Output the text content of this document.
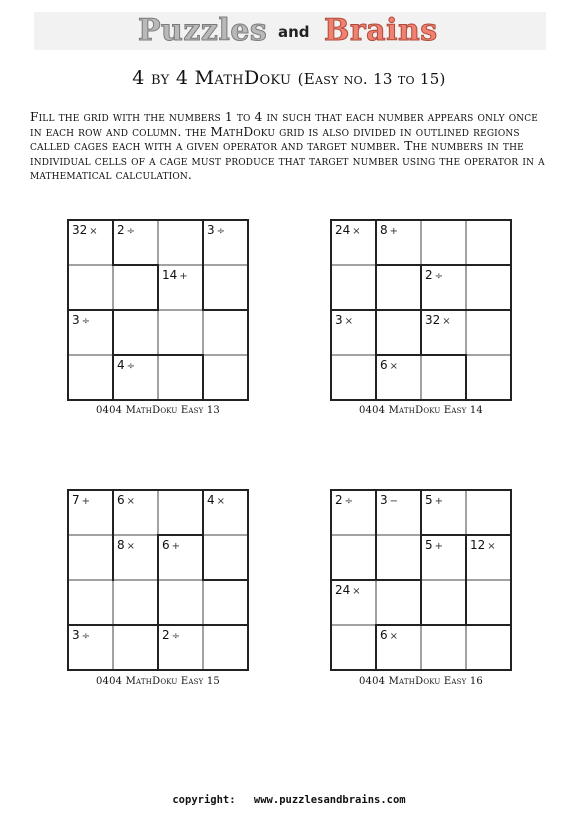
Puzzles and Brains
4 by 4 MathDoku (Easy no. 13 to 15)
Fill the grid with the numbers 1 to 4 in such that each number appears only once in each row and column. the MathDoku grid is also divided in outlined regions called cages each with a given operator and target number. The numbers in the individual cells of a cage must produce that target number using the operator in a mathematical calculation.
32 × 2 ÷	3 ÷
14 +
3 ÷
4 ÷
0404 MathDoku Easy 13
24 × 8 +
2 ÷
3 ×	32 ×
6 ×
0404 MathDoku Easy 14
7 + 6 ×	4 ×
8 × 6 +
3 ÷	2 ÷
0404 MathDoku Easy 15
2 ÷ 3 − 5 +
5 + 12 ×
24 ×
6 ×
0404 MathDoku Easy 16
copyright: www.puzzlesandbrains.com
